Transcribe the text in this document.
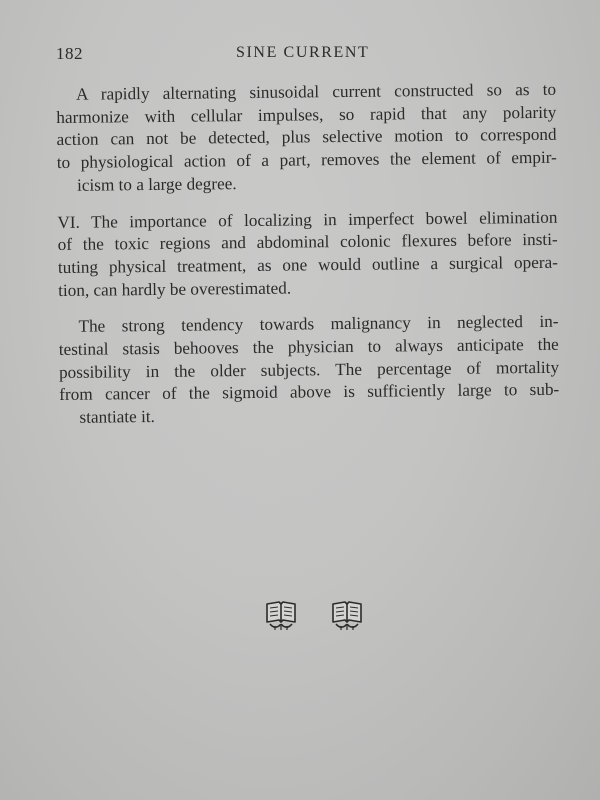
182	SINE CURRENT

A rapidly alternating sinusoidal current constructed so as to
harmonize with cellular impulses, so rapid that any polarity
action can not be detected, plus selective motion to correspond
to physiological action of a part, removes the element of empir-
icism to a large degree.

VI. The importance of localizing in imperfect bowel elimination
of the toxic regions and abdominal colonic flexures before insti-
tuting physical treatment, as one would outline a surgical opera-
tion, can hardly be overestimated.

The strong tendency towards malignancy in neglected in-
testinal stasis behooves the physician to always anticipate the
possibility in the older subjects. The percentage of mortality
from cancer of the sigmoid above is sufficiently large to sub-
stantiate it.
